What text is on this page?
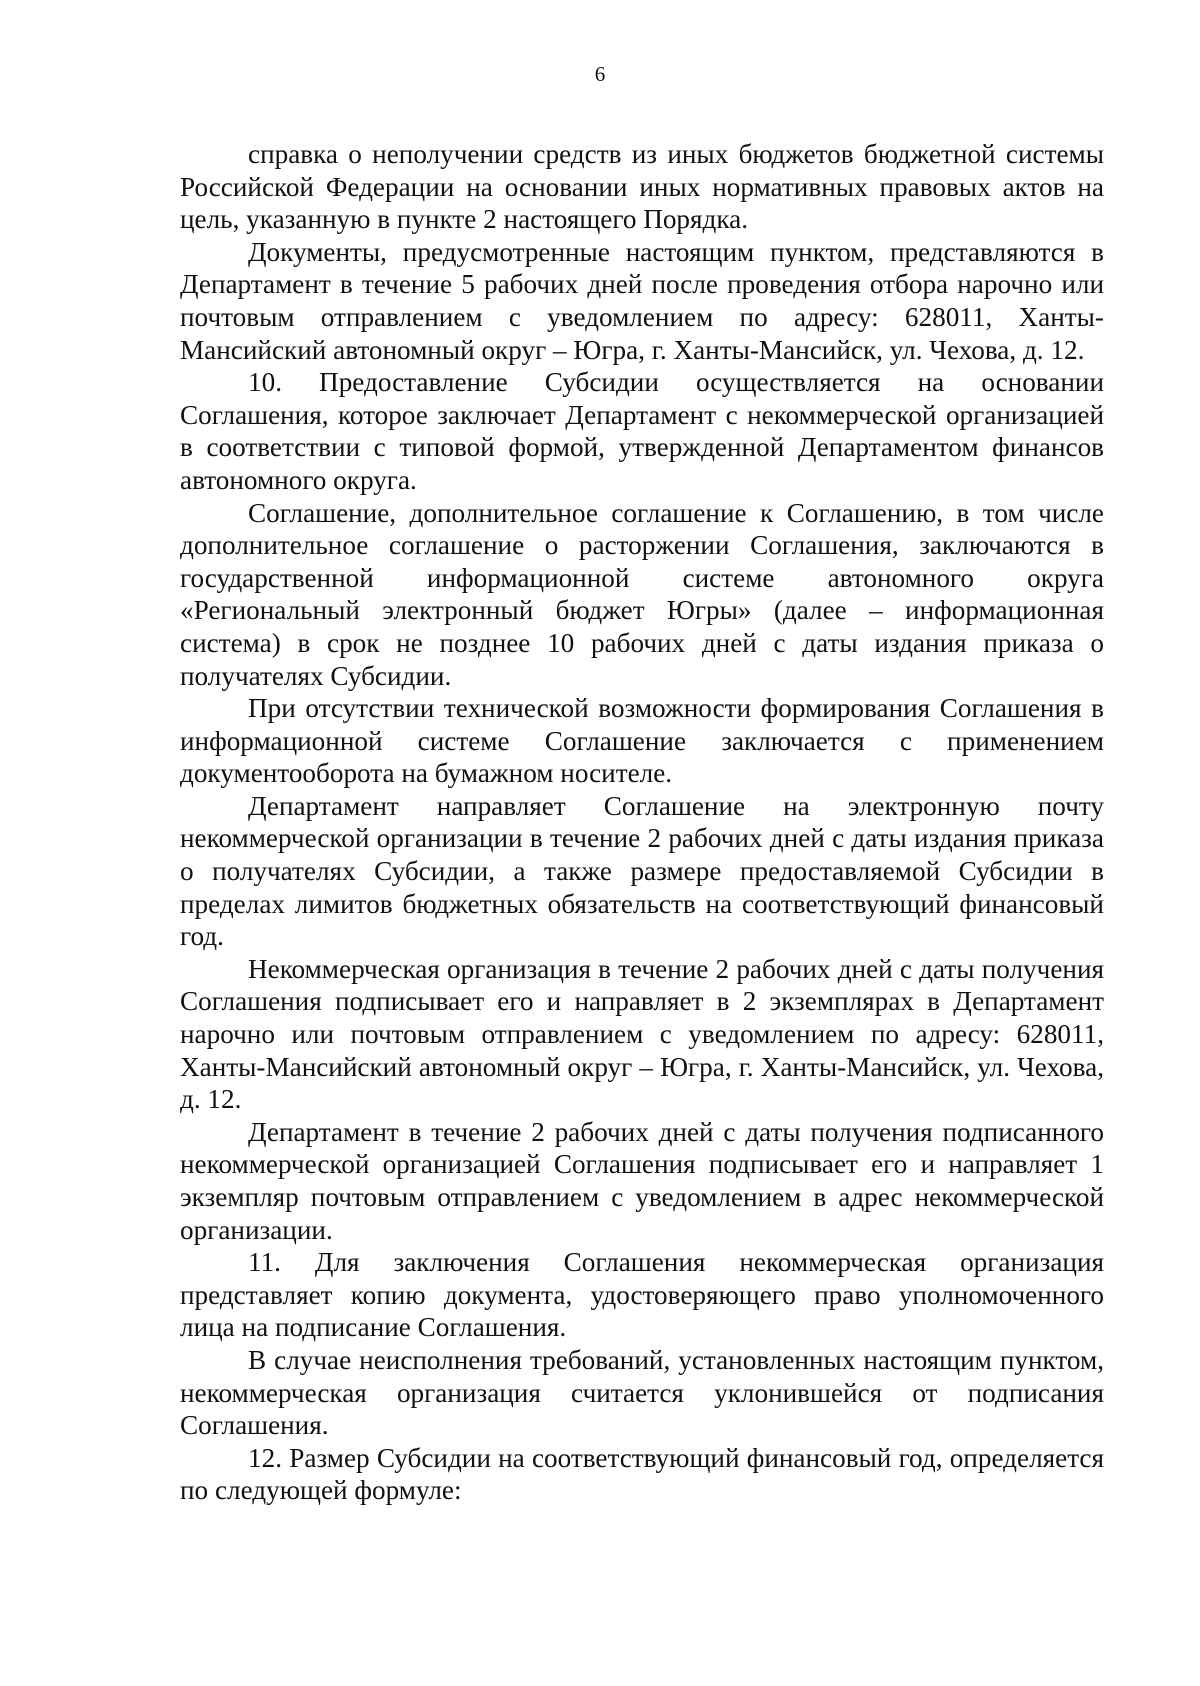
6

справка о неполучении средств из иных бюджетов бюджетной системы Российской Федерации на основании иных нормативных правовых актов на цель, указанную в пункте 2 настоящего Порядка.

Документы, предусмотренные настоящим пунктом, представляются в Департамент в течение 5 рабочих дней после проведения отбора нарочно или почтовым отправлением с уведомлением по адресу: 628011, Ханты-Мансийский автономный округ – Югра, г. Ханты-Мансийск, ул. Чехова, д. 12.

10. Предоставление Субсидии осуществляется на основании Соглашения, которое заключает Департамент с некоммерческой организацией в соответствии с типовой формой, утвержденной Департаментом финансов автономного округа.

Соглашение, дополнительное соглашение к Соглашению, в том числе дополнительное соглашение о расторжении Соглашения, заключаются в государственной информационной системе автономного округа «Региональный электронный бюджет Югры» (далее – информационная система) в срок не позднее 10 рабочих дней с даты издания приказа о получателях Субсидии.

При отсутствии технической возможности формирования Соглашения в информационной системе Соглашение заключается с применением документооборота на бумажном носителе.

Департамент направляет Соглашение на электронную почту некоммерческой организации в течение 2 рабочих дней с даты издания приказа о получателях Субсидии, а также размере предоставляемой Субсидии в пределах лимитов бюджетных обязательств на соответствующий финансовый год.

Некоммерческая организация в течение 2 рабочих дней с даты получения Соглашения подписывает его и направляет в 2 экземплярах в Департамент нарочно или почтовым отправлением с уведомлением по адресу: 628011, Ханты-Мансийский автономный округ – Югра, г. Ханты-Мансийск, ул. Чехова, д. 12.

Департамент в течение 2 рабочих дней с даты получения подписанного некоммерческой организацией Соглашения подписывает его и направляет 1 экземпляр почтовым отправлением с уведомлением в адрес некоммерческой организации.

11. Для заключения Соглашения некоммерческая организация представляет копию документа, удостоверяющего право уполномоченного лица на подписание Соглашения.

В случае неисполнения требований, установленных настоящим пунктом, некоммерческая организация считается уклонившейся от подписания Соглашения.

12. Размер Субсидии на соответствующий финансовый год, определяется по следующей формуле:
